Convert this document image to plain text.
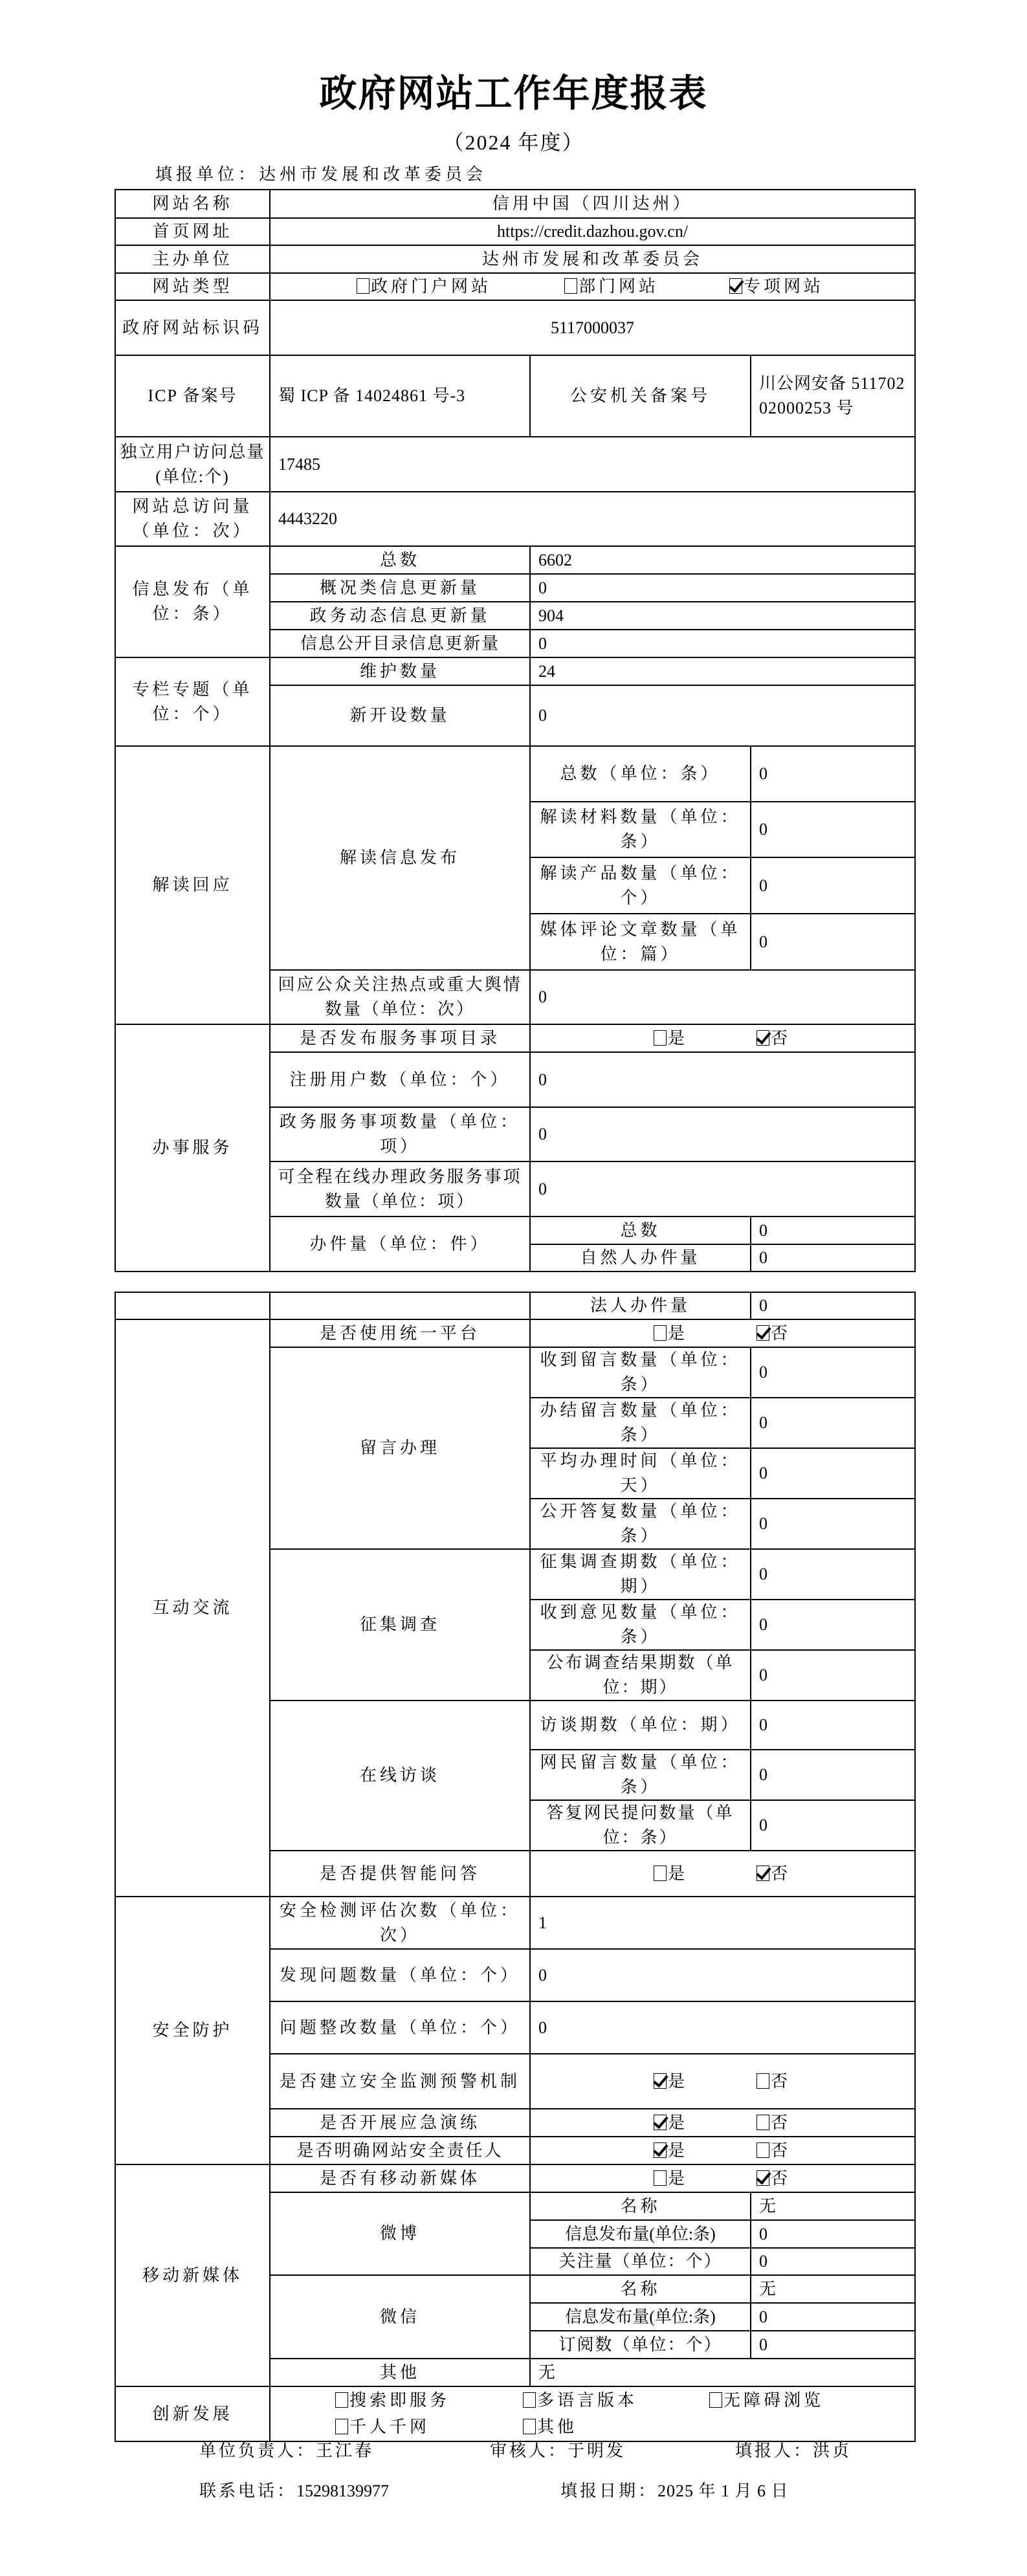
政府网站工作年度报表
（2024 年度）
填报单位：达州市发展和改革委员会
网站名称	信用中国（四川达州）		
首页网址	https://credit.dazhou.gov.cn/		
主办单位	达州市发展和改革委员会		
网站类型	政府门户网站 部门网站 专项网站		

政府网站标识码	5117000037		
ICP 备案号	蜀 ICP 备 14024861 号-3	公安机关备案号	川公网安备 51170202000253 号
独立用户访问总量(单位:个)	17485		
网站总访问量（单位：次）	4443220		
信息发布（单位：条）	总数	6602	
	概况类信息更新量	0	
	政务动态信息更新量	904	
	信息公开目录信息更新量	0	
专栏专题（单位：个）	维护数量	24	
	新开设数量	0	
解读回应	解读信息发布	总数（单位：条）	0
		解读材料数量（单位：条）	0
		解读产品数量（单位：个）	0
		媒体评论文章数量（单位：篇）	0
	回应公众关注热点或重大舆情数量（单位：次）	0	
办事服务	是否发布服务事项目录	是 否	

	注册用户数（单位：个）	0	
	政务服务事项数量（单位：项）	0	
	可全程在线办理政务服务事项数量（单位：项）	0	
	办件量（单位：件）	总数	0
		自然人办件量	0
		法人办件量	0
互动交流	是否使用统一平台	是 否	

	留言办理	收到留言数量（单位：条）	0
		办结留言数量（单位：条）	0
		平均办理时间（单位：天）	0
		公开答复数量（单位：条）	0
	征集调查	征集调查期数（单位：期）	0
		收到意见数量（单位：条）	0
		公布调查结果期数（单位：期）	0
	在线访谈	访谈期数（单位：期）	0
		网民留言数量（单位：条）	0
		答复网民提问数量（单位：条）	0
	是否提供智能问答	是 否	

安全防护	安全检测评估次数（单位：次）	1	
	发现问题数量（单位：个）	0	
	问题整改数量（单位：个）	0	
	是否建立安全监测预警机制	是 否	

	是否开展应急演练	是 否	

	是否明确网站安全责任人	是 否	

移动新媒体	是否有移动新媒体	是 否	

	微博	名称	无
		信息发布量(单位:条)	0
		关注量（单位：个）	0
	微信	名称	无
		信息发布量(单位:条)	0
		订阅数（单位：个）	0
	其他	无	
创新发展	搜索即服务 多语言版本 无障碍浏览
千人千网 其他		
单位负责人：王江春	审核人：于明发	填报人：洪贞
联系电话：15298139977	填报日期：2025 年 1 月 6 日
